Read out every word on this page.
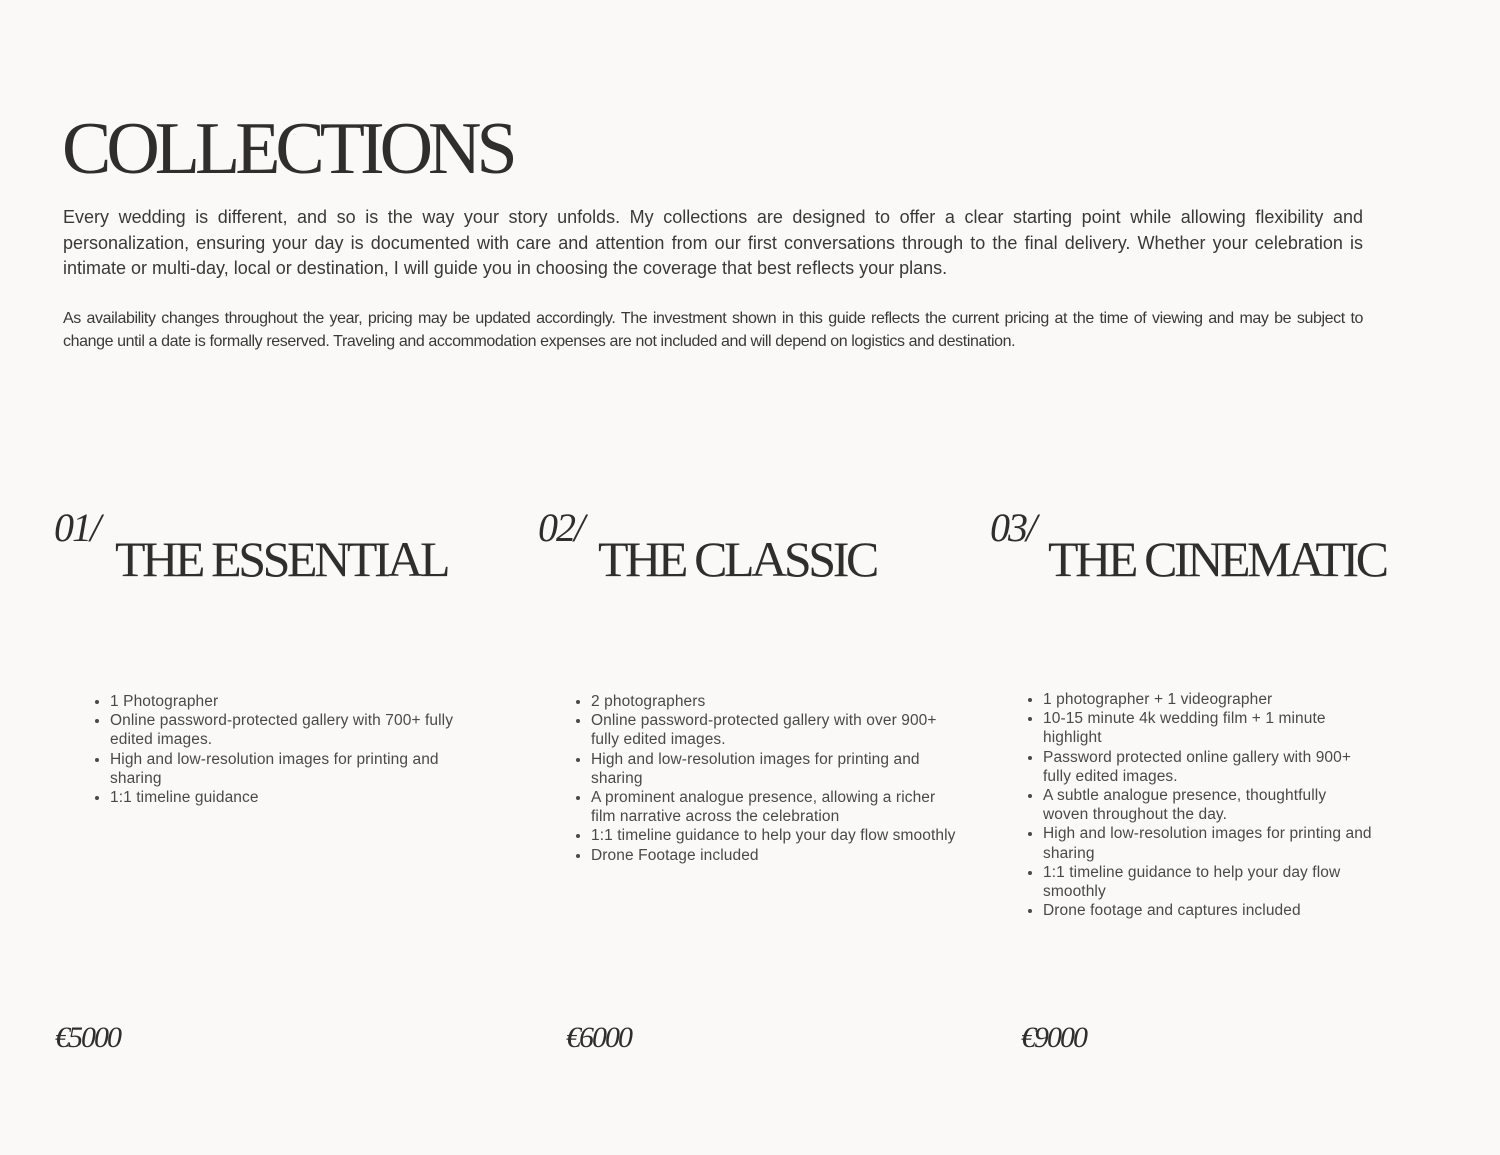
COLLECTIONS

Every wedding is different, and so is the way your story unfolds. My collections are designed to offer a clear starting point while allowing flexibility and personalization, ensuring your day is documented with care and attention from our first conversations through to the final delivery. Whether your celebration is intimate or multi-day, local or destination, I will guide you in choosing the coverage that best reflects your plans.

As availability changes throughout the year, pricing may be updated accordingly. The investment shown in this guide reflects the current pricing at the time of viewing and may be subject to change until a date is formally reserved. Traveling and accommodation expenses are not included and will depend on logistics and destination.

01/
THE ESSENTIAL
• 1 Photographer
• Online password-protected gallery with 700+ fully edited images.
• High and low-resolution images for printing and sharing
• 1:1 timeline guidance
€5000
02/
THE CLASSIC
• 2 photographers
• Online password-protected gallery with over 900+ fully edited images.
• High and low-resolution images for printing and sharing
• A prominent analogue presence, allowing a richer film narrative across the celebration
• 1:1 timeline guidance to help your day flow smoothly
• Drone Footage included
€6000
03/
THE CINEMATIC
• 1 photographer + 1 videographer
• 10-15 minute 4k wedding film + 1 minute highlight
• Password protected online gallery with 900+ fully edited images.
• A subtle analogue presence, thoughtfully woven throughout the day.
• High and low-resolution images for printing and sharing
• 1:1 timeline guidance to help your day flow smoothly
• Drone footage and captures included
€9000
